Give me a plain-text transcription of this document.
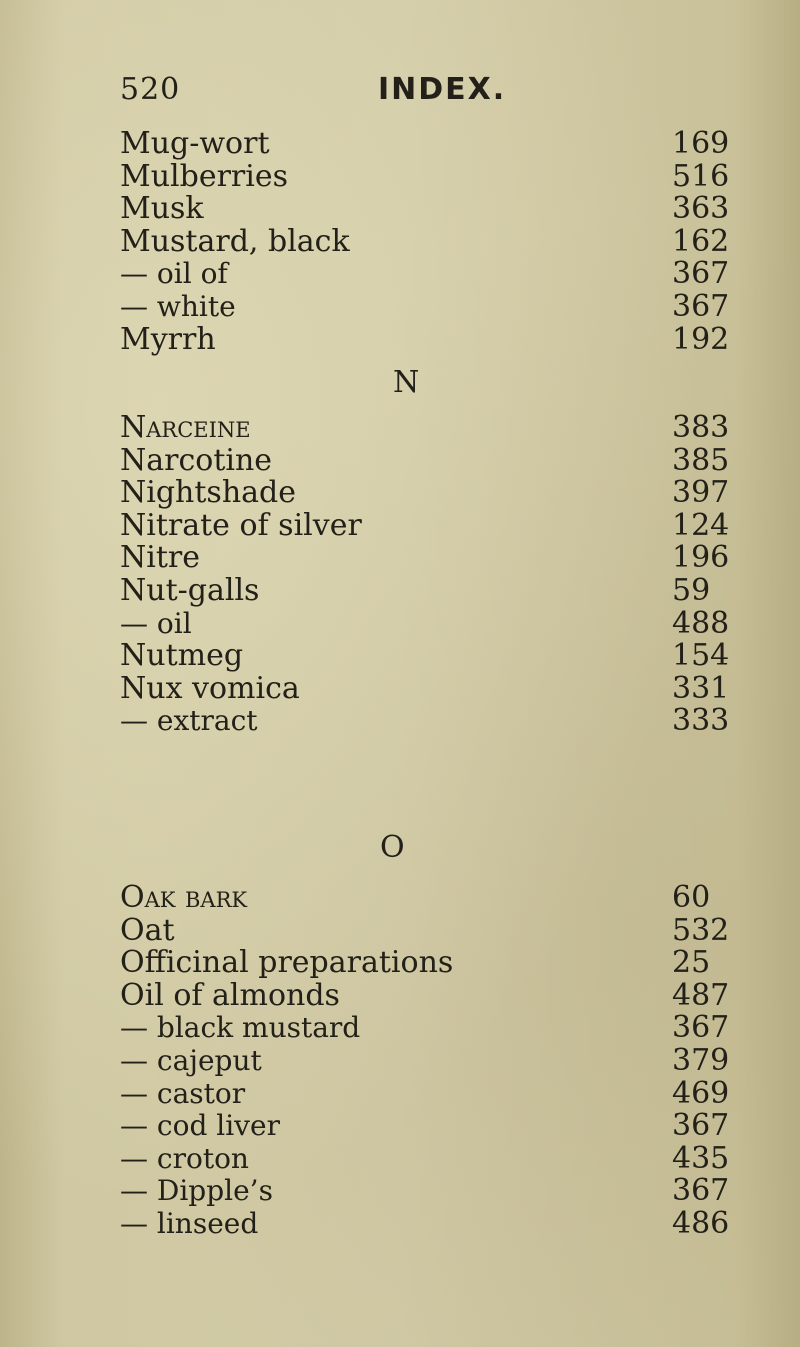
520	INDEX.
Mug-wort	169
Mulberries	516
Musk	363
Mustard, black	162
— oil of	367
— white	367
Myrrh	192
N
Narceine	383
Narcotine	385
Nightshade	397
Nitrate of silver	124
Nitre	196
Nut-galls	59
— oil	488
Nutmeg	154
Nux vomica	331
— extract	333
O
Oak bark	60
Oat	532
Officinal preparations	25
Oil of almonds	487
— black mustard	367
— cajeput	379
— castor	469
— cod liver	367
— croton	435
— Dipple’s	367
— linseed	486
